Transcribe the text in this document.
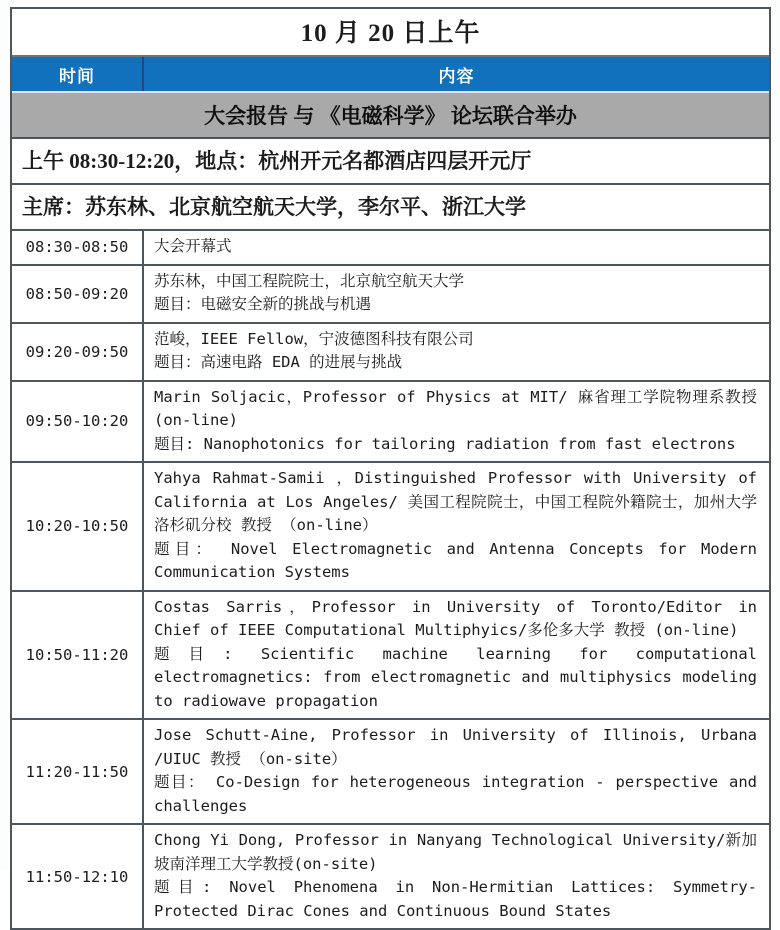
10 月 20 日上午
时间	内容
大会报告 与 《电磁科学》 论坛联合举办
上午 08:30-12:20，地点：杭州开元名都酒店四层开元厅
主席：苏东林、北京航空航天大学，李尔平、浙江大学
08:30-08:50	大会开幕式
08:50-09:20
苏东林，中国工程院院士，北京航空航天大学
题目：电磁安全新的挑战与机遇
09:20-09:50
范峻，IEEE Fellow，宁波德图科技有限公司
题目：高速电路 EDA 的进展与挑战
09:50-10:20
Marin Soljacic，Professor of Physics at MIT/ 麻省理工学院物理系教授(on-line)
题目: Nanophotonics for tailoring radiation from fast electrons
10:20-10:50
Yahya Rahmat-Samii ，Distinguished Professor with University of California at Los Angeles/ 美国工程院院士，中国工程院外籍院士，加州大学洛杉矶分校 教授 （on-line）
题目： Novel Electromagnetic and Antenna Concepts for Modern Communication Systems
10:50-11:20
Costas Sarris，Professor in University of Toronto/Editor in Chief of IEEE Computational Multiphyics/多伦多大学 教授 (on-line)
题目: Scientific machine learning for computational electromagnetics: from electromagnetic and multiphysics modeling to radiowave propagation
11:20-11:50
Jose Schutt-Aine, Professor in University of Illinois, Urbana /UIUC 教授 （on-site）
题目： Co-Design for heterogeneous integration - perspective and challenges
11:50-12:10
Chong Yi Dong, Professor in Nanyang Technological University/新加坡南洋理工大学教授(on-site)
题目: Novel Phenomena in Non-Hermitian Lattices: Symmetry-Protected Dirac Cones and Continuous Bound States
